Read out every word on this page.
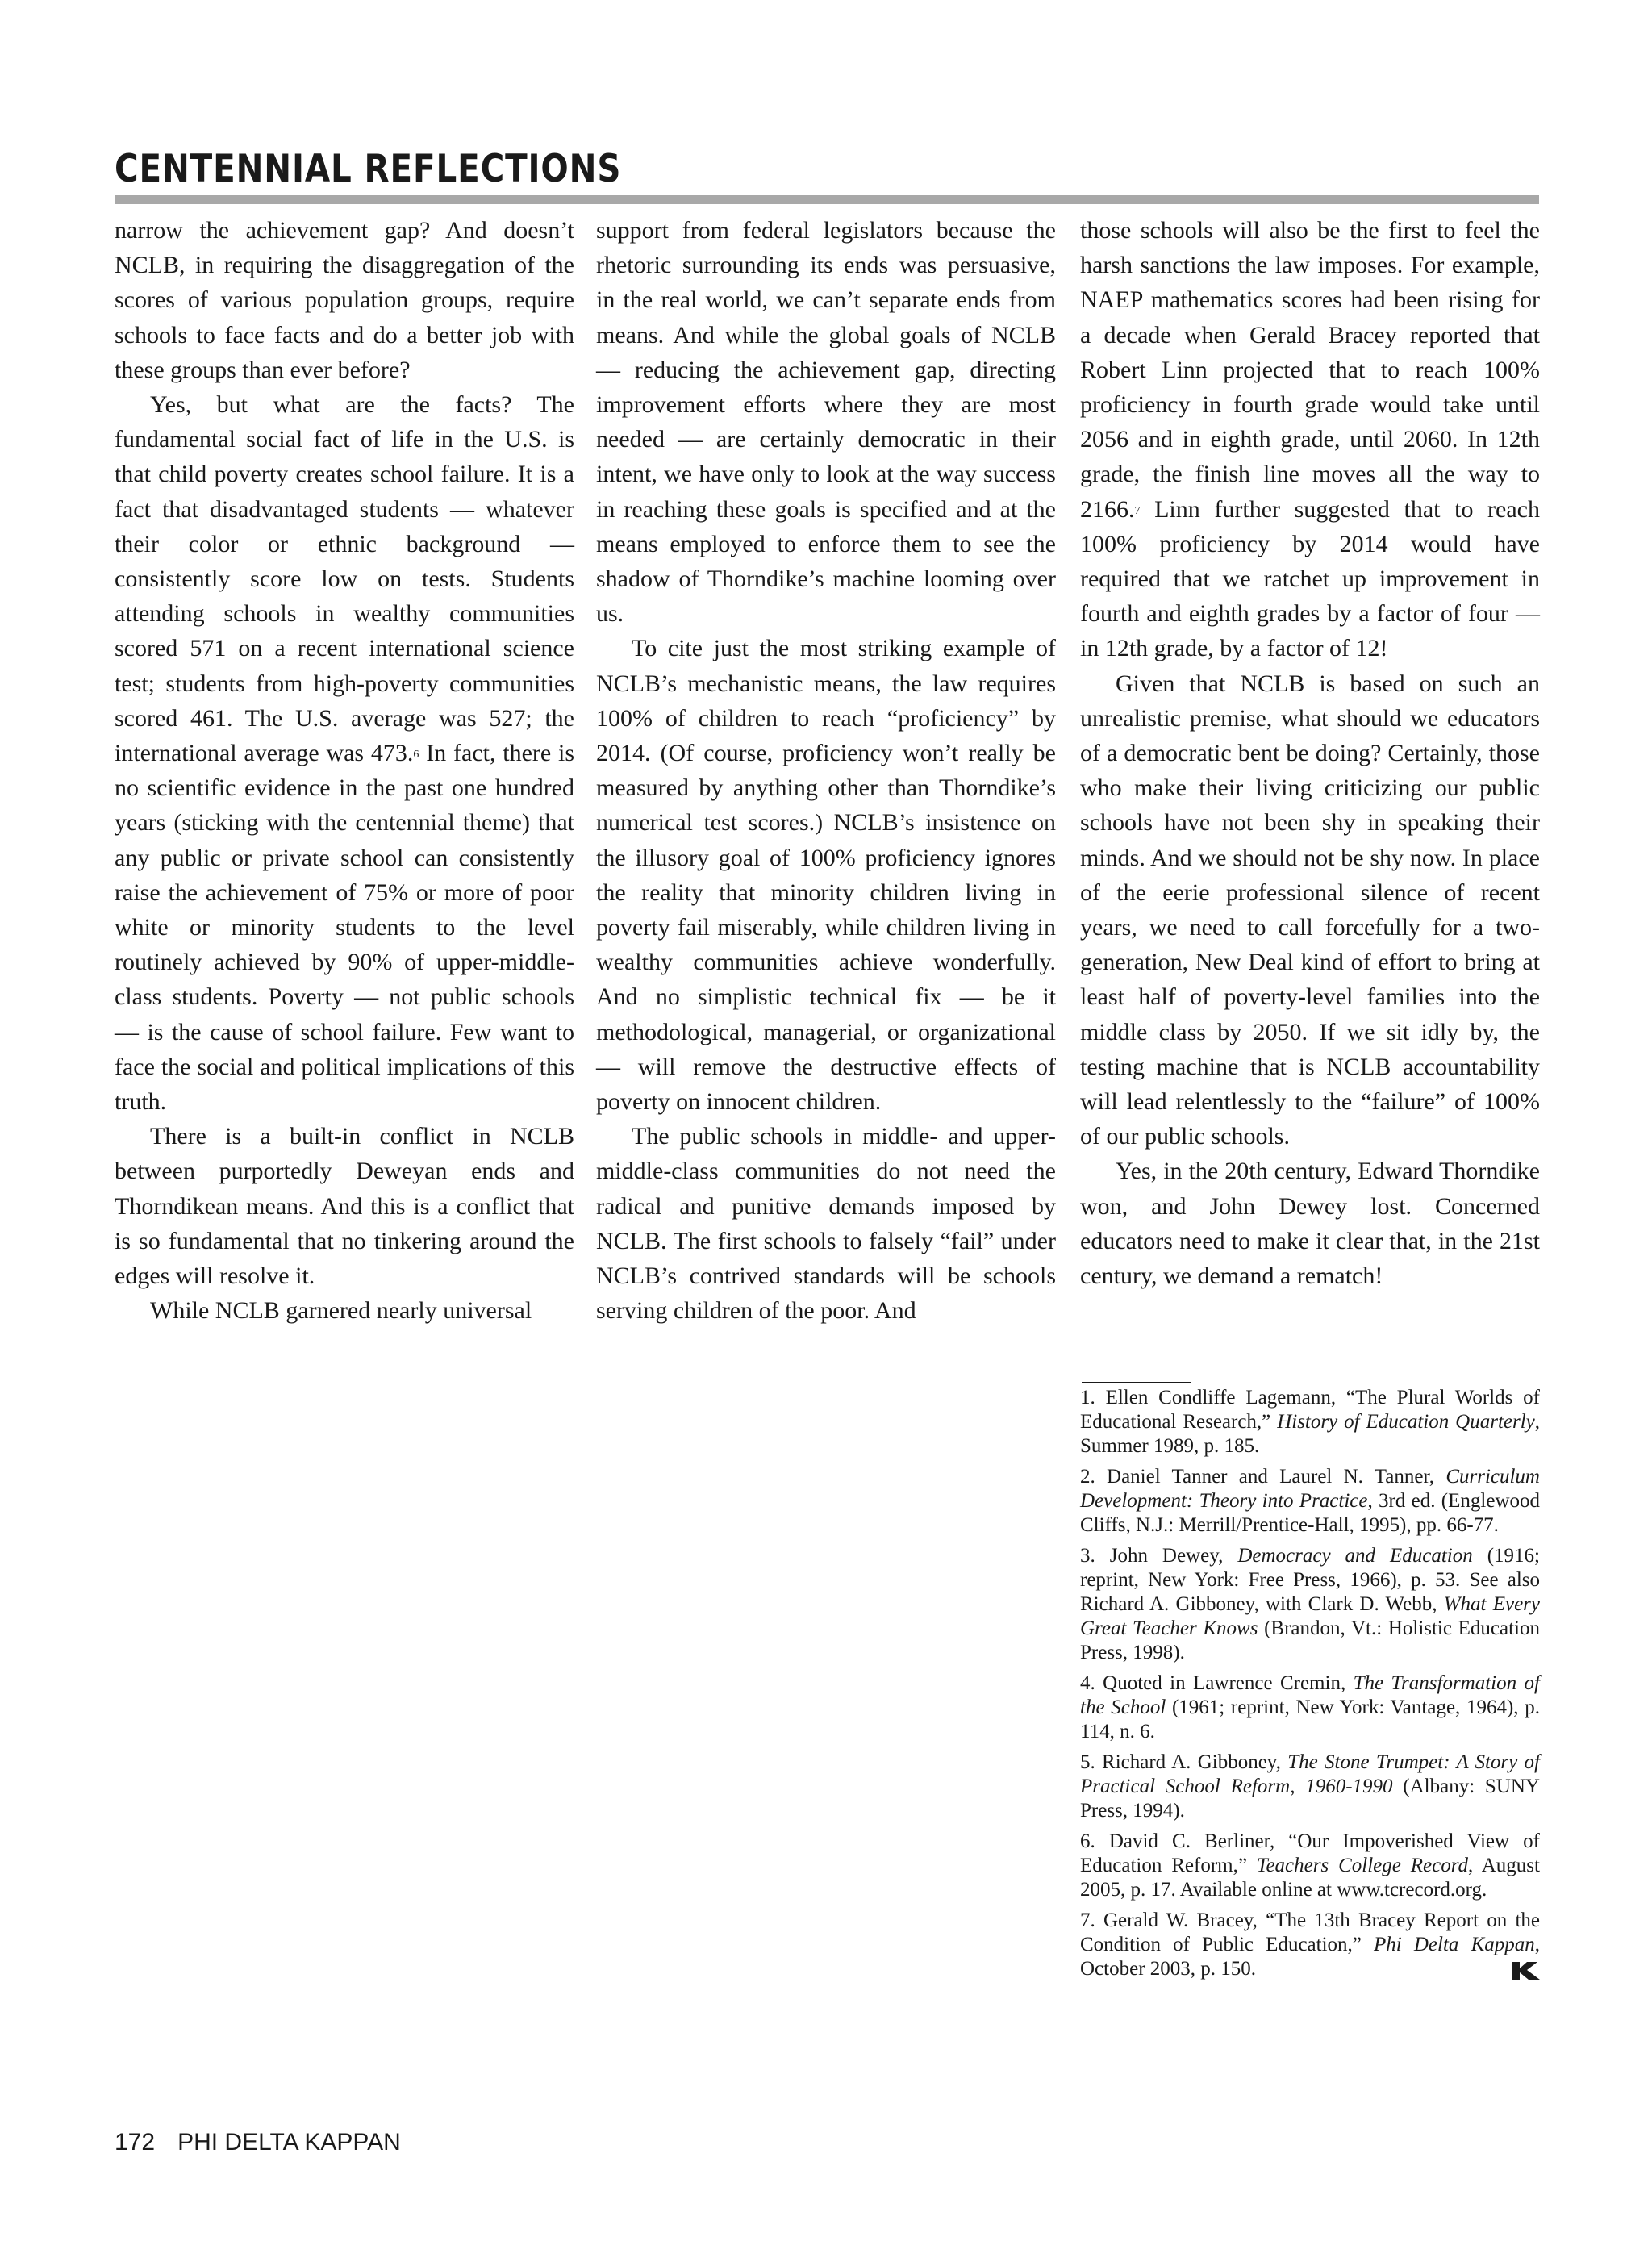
CENTENNIAL REFLECTIONS

narrow the achievement gap? And doesn’t NCLB, in requiring the disaggregation of the scores of various population groups, require schools to face facts and do a better job with these groups than ever before?

Yes, but what are the facts? The fundamental social fact of life in the U.S. is that child poverty creates school failure. It is a fact that disadvantaged students — whatever their color or ethnic background — consistently score low on tests. Students attending schools in wealthy communities scored 571 on a recent international science test; students from high-poverty communities scored 461. The U.S. average was 527; the international average was 473.$^6$ In fact, there is no scientific evidence in the past one hundred years (sticking with the centennial theme) that any public or private school can consistently raise the achievement of 75% or more of poor white or minority students to the level routinely achieved by 90% of upper-middle-class students. Poverty — not public schools — is the cause of school failure. Few want to face the social and political implications of this truth.

There is a built-in conflict in NCLB between purportedly Deweyan ends and Thorndikean means. And this is a conflict that is so fundamental that no tinkering around the edges will resolve it.

While NCLB garnered nearly universal

support from federal legislators because the rhetoric surrounding its ends was persuasive, in the real world, we can’t separate ends from means. And while the global goals of NCLB — reducing the achievement gap, directing improvement efforts where they are most needed — are certainly democratic in their intent, we have only to look at the way success in reaching these goals is specified and at the means employed to enforce them to see the shadow of Thorndike’s machine looming over us.

To cite just the most striking example of NCLB’s mechanistic means, the law requires 100% of children to reach “proficiency” by 2014. (Of course, proficiency won’t really be measured by anything other than Thorndike’s numerical test scores.) NCLB’s insistence on the illusory goal of 100% proficiency ignores the reality that minority children living in poverty fail miserably, while children living in wealthy communities achieve wonderfully. And no simplistic technical fix — be it methodological, managerial, or organizational — will remove the destructive effects of poverty on innocent children.

The public schools in middle- and upper-middle-class communities do not need the radical and punitive demands imposed by NCLB. The first schools to falsely “fail” under NCLB’s contrived standards will be schools serving children of the poor. And

those schools will also be the first to feel the harsh sanctions the law imposes. For example, NAEP mathematics scores had been rising for a decade when Gerald Bracey reported that Robert Linn projected that to reach 100% proficiency in fourth grade would take until 2056 and in eighth grade, until 2060. In 12th grade, the finish line moves all the way to 2166.$^7$ Linn further suggested that to reach 100% proficiency by 2014 would have required that we ratchet up improvement in fourth and eighth grades by a factor of four — in 12th grade, by a factor of 12!

Given that NCLB is based on such an unrealistic premise, what should we educators of a democratic bent be doing? Certainly, those who make their living criticizing our public schools have not been shy in speaking their minds. And we should not be shy now. In place of the eerie professional silence of recent years, we need to call forcefully for a two-generation, New Deal kind of effort to bring at least half of poverty-level families into the middle class by 2050. If we sit idly by, the testing machine that is NCLB accountability will lead relentlessly to the “failure” of 100% of our public schools.

Yes, in the 20th century, Edward Thorndike won, and John Dewey lost. Concerned educators need to make it clear that, in the 21st century, we demand a rematch!

1. Ellen Condliffe Lagemann, “The Plural Worlds of Educational Research,” History of Education Quarterly, Summer 1989, p. 185.

2. Daniel Tanner and Laurel N. Tanner, Curriculum Development: Theory into Practice, 3rd ed. (Englewood Cliffs, N.J.: Merrill/Prentice-Hall, 1995), pp. 66-77.

3. John Dewey, Democracy and Education (1916; reprint, New York: Free Press, 1966), p. 53. See also Richard A. Gibboney, with Clark D. Webb, What Every Great Teacher Knows (Brandon, Vt.: Holistic Education Press, 1998).

4. Quoted in Lawrence Cremin, The Transformation of the School (1961; reprint, New York: Vantage, 1964), p. 114, n. 6.

5. Richard A. Gibboney, The Stone Trumpet: A Story of Practical School Reform, 1960-1990 (Albany: SUNY Press, 1994).

6. David C. Berliner, “Our Impoverished View of Education Reform,” Teachers College Record, August 2005, p. 17. Available online at www.tcrecord.org.

7. Gerald W. Bracey, “The 13th Bracey Report on the Condition of Public Education,” Phi Delta Kappan, October 2003, p. 150.

172 PHI DELTA KAPPAN
